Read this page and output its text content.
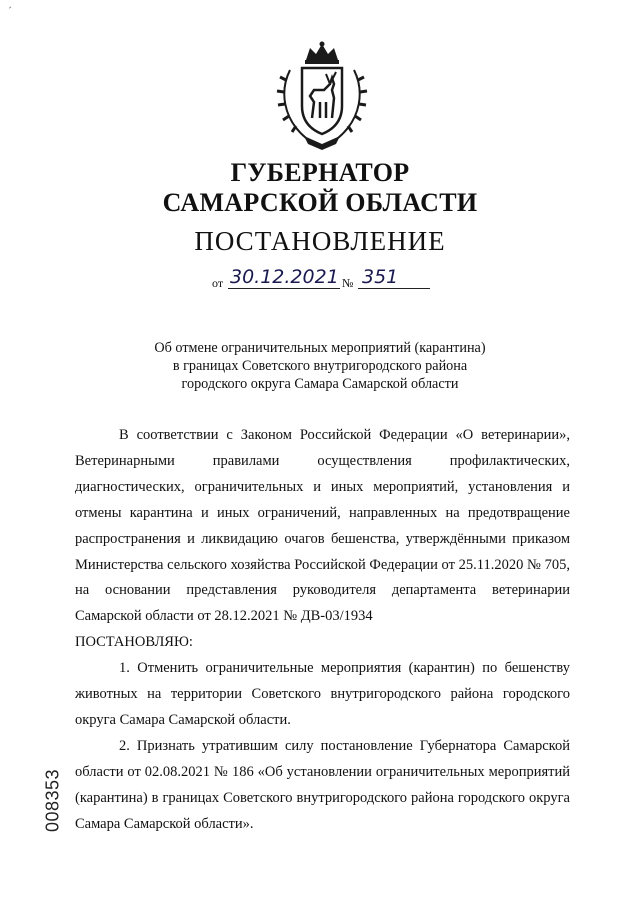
ˊ
ГУБЕРНАТОР
САМАРСКОЙ ОБЛАСТИ
ПОСТАНОВЛЕНИЕ
от 30.12.2021 № 351
Об отмене ограничительных мероприятий (карантина)
в границах Советского внутригородского района
городского округа Самара Самарской области

В соответствии с Законом Российской Федерации «О ветеринарии», Ветеринарными правилами осуществления профилактических, диагностических, ограничительных и иных мероприятий, установления и отмены карантина и иных ограничений, направленных на предотвращение распространения и ликвидацию очагов бешенства, утверждёнными приказом Министерства сельского хозяйства Российской Федерации от 25.11.2020 № 705, на основании представления руководителя департамента ветеринарии Самарской области от 28.12.2021 № ДВ-03/1934

ПОСТАНОВЛЯЮ:

1. Отменить ограничительные мероприятия (карантин) по бешенству животных на территории Советского внутригородского района городского округа Самара Самарской области.

2. Признать утратившим силу постановление Губернатора Самарской области от 02.08.2021 № 186 «Об установлении ограничительных мероприятий (карантина) в границах Советского внутригородского района городского округа Самара Самарской области».

008353
